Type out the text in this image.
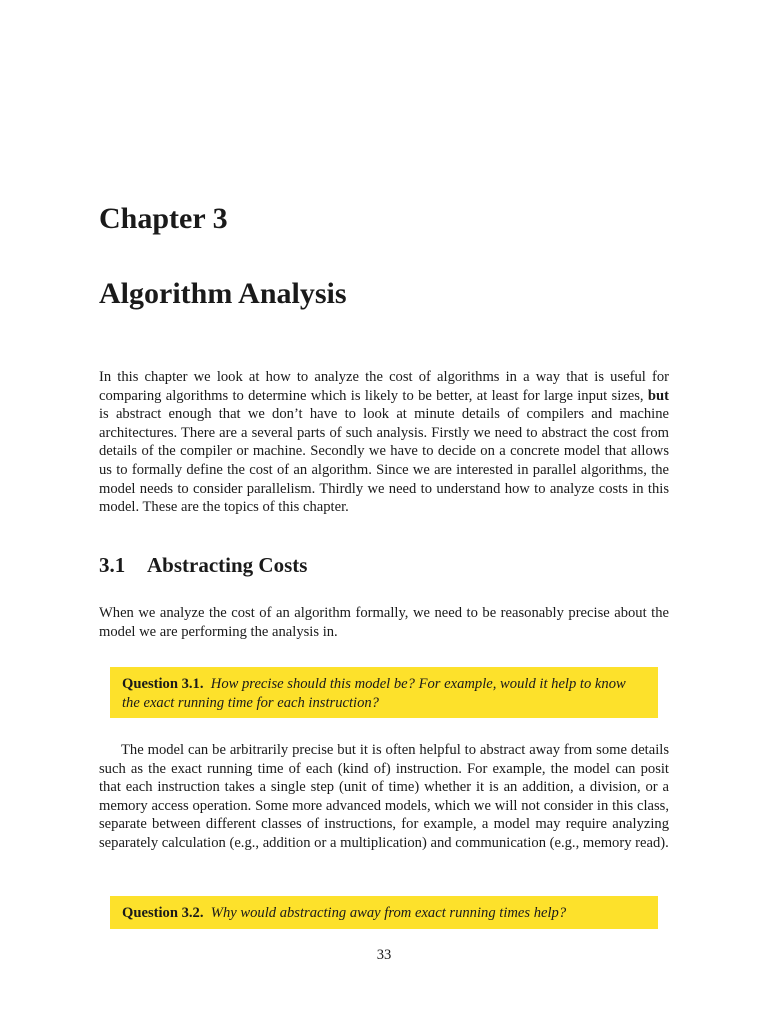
Chapter 3
Algorithm Analysis

In this chapter we look at how to analyze the cost of algorithms in a way that is useful for comparing algorithms to determine which is likely to be better, at least for large input sizes, but is abstract enough that we don’t have to look at minute details of compilers and machine architectures. There are a several parts of such analysis. Firstly we need to abstract the cost from details of the compiler or machine. Secondly we have to decide on a concrete model that allows us to formally define the cost of an algorithm. Since we are interested in parallel algorithms, the model needs to consider parallelism. Thirdly we need to understand how to analyze costs in this model. These are the topics of this chapter.

3.1 Abstracting Costs

When we analyze the cost of an algorithm formally, we need to be reasonably precise about the model we are performing the analysis in.

Question 3.1. How precise should this model be? For example, would it help to know the exact running time for each instruction?

The model can be arbitrarily precise but it is often helpful to abstract away from some details such as the exact running time of each (kind of) instruction. For example, the model can posit that each instruction takes a single step (unit of time) whether it is an addition, a division, or a memory access operation. Some more advanced models, which we will not consider in this class, separate between different classes of instructions, for example, a model may require analyzing separately calculation (e.g., addition or a multiplication) and communication (e.g., memory read).

Question 3.2. Why would abstracting away from exact running times help?
33
